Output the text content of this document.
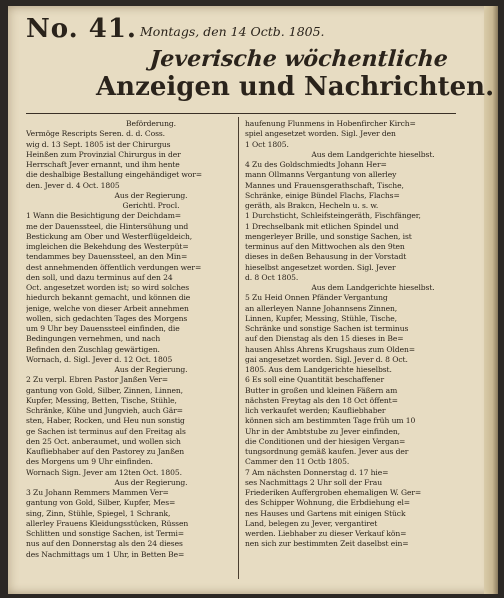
No. 41. Montags, den 14 Octb. 1805.
Jeverische wöchentliche
Anzeigen und Nachrichten.
Beförderung.
Vermöge Rescripts Seren. d. d. Coss.
wig d. 13 Sept. 1805 ist der Chirurgus
Heinßen zum Provinzial Chirurgus in der
Herrschaft Jever ernannt, und ihm hente
die deshalbige Bestallung eingehändiget wor=
den. Jever d. 4 Oct. 1805
Aus der Regierung.
Gerichtl. Procl.
1 Wann die Besichtigung der Deichdam=
me der Dauenssteel, die Hintersühung und
Bestickung am Ober und Westerflügeldeich,
imgleichen die Bekehdung des Westerpüt=
tendammes bey Dauenssteel, an den Min=
dest annehmenden öffentlich verdungen wer=
den soll, und dazu terminus auf den 24
Oct. angesetzet worden ist; so wird solches
hiedurch bekannt gemacht, und können die
jenige, welche von dieser Arbeit annehmen
wollen, sich gedachten Tages des Morgens
um 9 Uhr bey Dauenssteel einfinden, die
Bedingungen vernehmen, und nach
Befinden den Zuschlag gewärtigen.
Wornach, d. Sigl. Jever d. 12 Oct. 1805
Aus der Regierung.
2 Zu verpl. Ebren Pastor Janßen Ver=
gantung von Gold, Silber, Zinnen, Linnen,
Kupfer, Messing, Betten, Tische, Stühle,
Schränke, Kühe und Jungvieh, auch Gär=
sten, Haber, Rocken, und Heu nun sonstig
ge Sachen ist terminus auf den Freitag als
den 25 Oct. anberaumet, und wollen sich
Kaufliebhaber auf den Pastorey zu Janßen
des Morgens um 9 Uhr einfinden.
Wornach Sign. Jever am 12ten Oct. 1805.
Aus der Regierung.
3 Zu Johann Remmers Mammen Ver=
gantung von Gold, Silber, Kupfer, Mes=
sing, Zinn, Stühle, Spiegel, 1 Schrank,
allerley Frauens Kleidungsstücken, Rüssen
Schlitten und sonstige Sachen, ist Termi=
nus auf den Donnerstag als den 24 dieses
des Nachmittags um 1 Uhr, in Betten Be=
haufenung Flunmens in Hobenfircher Kirch=
spiel angesetzet worden. Sigl. Jever den
1 Oct 1805.
Aus dem Landgerichte hieselbst.
4 Zu des Goldschmiedts Johann Her=
mann Ollmanns Vergantung von allerley
Mannes und Frauensgerathschaft, Tische,
Schränke, einige Bündel Flachs, Flachs=
geräth, als Brakcn, Hecheln u. s. w.
1 Durchsticht, Schleifsteingeräth, Fischfänger,
1 Drechselbank mit etlichen Spindel und
mengerleyer Brille, und sonstige Sachen, ist
terminus auf den Mittwochen als den 9ten
dieses in deßen Behausung in der Vorstadt
hieselbst angesetzet worden. Sigl. Jever
d. 8 Oct 1805.
Aus dem Landgerichte hieselbst.
5 Zu Heid Onnen Pfänder Vergantung
an allerleyen Nanne Johannsens Zinnen,
Linnen, Kupfer, Messing, Stühle, Tische,
Schränke und sonstige Sachen ist terminus
auf den Dienstag als den 15 dieses in Be=
hausen Ahlss Ahrens Krugshaus zum Olden=
gai angesetzet worden. Sigl. Jever d. 8 Oct.
1805. Aus dem Landgerichte hieselbst.
6 Es soll eine Quantität beschaffener
Butter in großen und kleinen Fäßern am
nächsten Freytag als den 18 Oct öffent=
lich verkaufet werden; Kaufliebhaber
können sich am bestimmten Tage früh um 10
Uhr in der Ambtstube zu Jever einfinden,
die Conditionen und der hiesigen Vergan=
tungsordnung gemäß kaufen. Jever aus der
Cammer den 11 Octb 1805.
7 Am nächsten Donnerstag d. 17 hie=
ses Nachmittags 2 Uhr soll der Frau
Friederiken Auffergroben ehemaligen W. Ger=
des Schipper Wohnung, die Erbdiehung el=
nes Hauses und Gartens mit einigen Stück
Land, belegen zu Jever, vergantiret
werden. Liebhaber zu dieser Verkauf kön=
nen sich zur bestimmten Zeit daselbst ein=
